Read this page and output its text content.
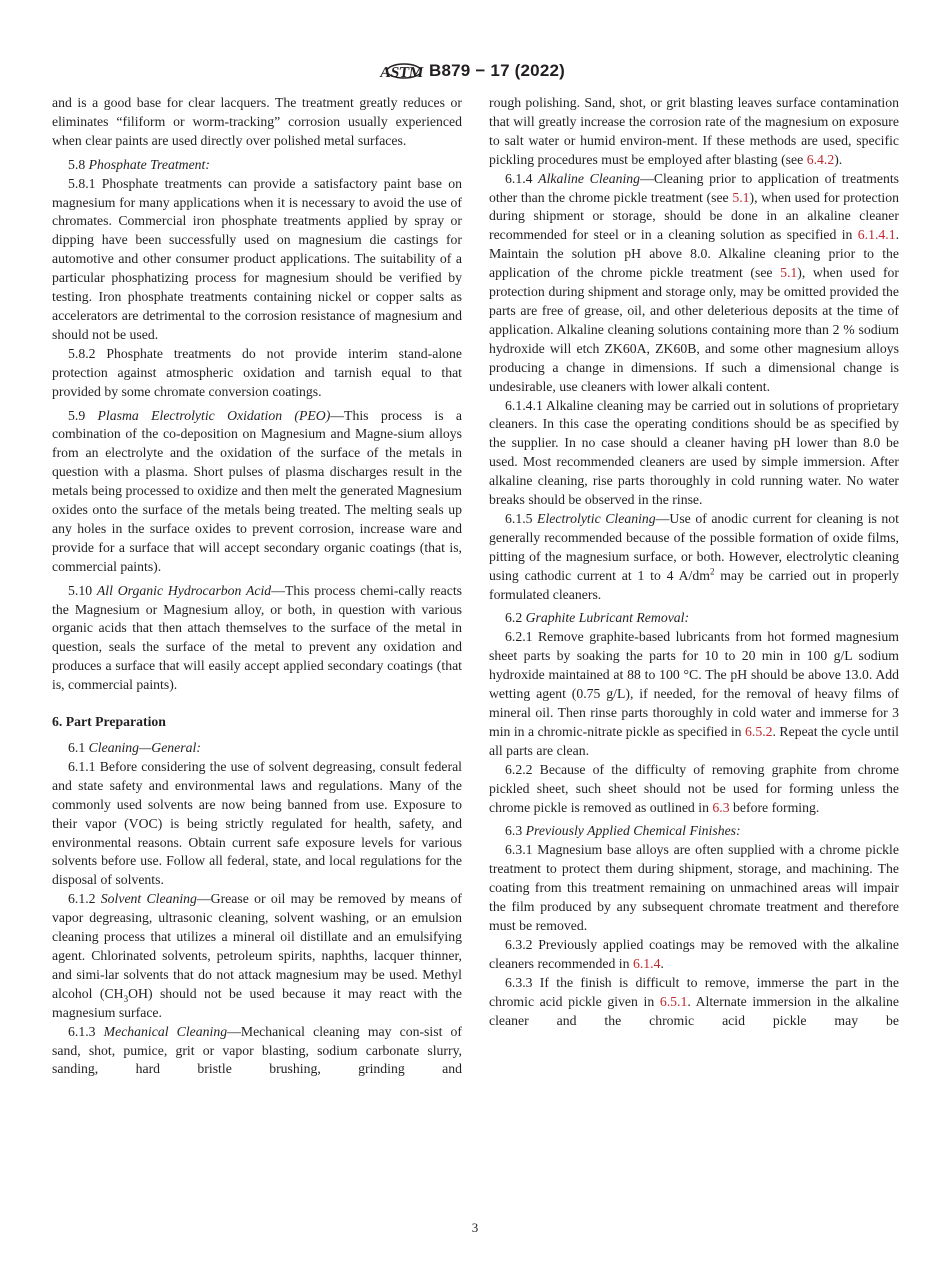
ASTM B879 − 17 (2022)

and is a good base for clear lacquers. The treatment greatly reduces or eliminates “filiform or worm-tracking” corrosion usually experienced when clear paints are used directly over polished metal surfaces.

5.8 Phosphate Treatment:

5.8.1 Phosphate treatments can provide a satisfactory paint base on magnesium for many applications when it is necessary to avoid the use of chromates. Commercial iron phosphate treatments applied by spray or dipping have been successfully used on magnesium die castings for automotive and other consumer product applications. The suitability of a particular phosphatizing process for magnesium should be verified by testing. Iron phosphate treatments containing nickel or copper salts as accelerators are detrimental to the corrosion resistance of magnesium and should not be used.

5.8.2 Phosphate treatments do not provide interim stand-alone protection against atmospheric oxidation and tarnish equal to that provided by some chromate conversion coatings.

5.9 Plasma Electrolytic Oxidation (PEO)—This process is a combination of the co-deposition on Magnesium and Magne-sium alloys from an electrolyte and the oxidation of the surface of the metals in question with a plasma. Short pulses of plasma discharges result in the metals being processed to oxidize and then melt the generated Magnesium oxides onto the surface of the metals being treated. The melting seals up any holes in the surface oxides to prevent corrosion, increase ware and provide for a surface that will accept secondary organic coatings (that is, commercial paints).

5.10 All Organic Hydrocarbon Acid—This process chemi-cally reacts the Magnesium or Magnesium alloy, or both, in question with various organic acids that then attach themselves to the surface of the metal in question, seals the surface of the metal to prevent any oxidation and produces a surface that will easily accept applied secondary coatings (that is, commercial paints).

6. Part Preparation

6.1 Cleaning—General:

6.1.1 Before considering the use of solvent degreasing, consult federal and state safety and environmental laws and regulations. Many of the commonly used solvents are now being banned from use. Exposure to their vapor (VOC) is being strictly regulated for health, safety, and environmental reasons. Obtain current safe exposure levels for various solvents before use. Follow all federal, state, and local regulations for the disposal of solvents.

6.1.2 Solvent Cleaning—Grease or oil may be removed by means of vapor degreasing, ultrasonic cleaning, solvent washing, or an emulsion cleaning process that utilizes a mineral oil distillate and an emulsifying agent. Chlorinated solvents, petroleum spirits, naphths, lacquer thinner, and simi-lar solvents that do not attack magnesium may be used. Methyl alcohol $(CH_3OH)$ should not be used because it may react with the magnesium surface.

6.1.3 Mechanical Cleaning—Mechanical cleaning may con-sist of sand, shot, pumice, grit or vapor blasting, sodium carbonate slurry, sanding, hard bristle brushing, grinding and

rough polishing. Sand, shot, or grit blasting leaves surface contamination that will greatly increase the corrosion rate of the magnesium on exposure to salt water or humid environ-ment. If these methods are used, specific pickling procedures must be employed after blasting (see 6.4.2).

6.1.4 Alkaline Cleaning—Cleaning prior to application of treatments other than the chrome pickle treatment (see 5.1), when used for protection during shipment or storage, should be done in an alkaline cleaner recommended for steel or in a cleaning solution as specified in 6.1.4.1. Maintain the solution pH above 8.0. Alkaline cleaning prior to the application of the chrome pickle treatment (see 5.1), when used for protection during shipment and storage only, may be omitted provided the parts are free of grease, oil, and other deleterious deposits at the time of application. Alkaline cleaning solutions containing more than 2 % sodium hydroxide will etch ZK60A, ZK60B, and some other magnesium alloys producing a change in dimensions. If such a dimensional change is undesirable, use cleaners with lower alkali content.

6.1.4.1 Alkaline cleaning may be carried out in solutions of proprietary cleaners. In this case the operating conditions should be as specified by the supplier. In no case should a cleaner having pH lower than 8.0 be used. Most recommended cleaners are used by simple immersion. After alkaline cleaning, rise parts thoroughly in cold running water. No water breaks should be observed in the rinse.

6.1.5 Electrolytic Cleaning—Use of anodic current for cleaning is not generally recommended because of the possible formation of oxide films, pitting of the magnesium surface, or both. However, electrolytic cleaning using cathodic current at 1 to 4 $A/dm^2$ may be carried out in properly formulated cleaners.

6.2 Graphite Lubricant Removal:

6.2.1 Remove graphite-based lubricants from hot formed magnesium sheet parts by soaking the parts for 10 to 20 min in 100 g/L sodium hydroxide maintained at 88 to 100 °C. The pH should be above 13.0. Add wetting agent (0.75 g/L), if needed, for the removal of heavy films of mineral oil. Then rinse parts thoroughly in cold water and immerse for 3 min in a chromic-nitrate pickle as specified in 6.5.2. Repeat the cycle until all parts are clean.

6.2.2 Because of the difficulty of removing graphite from chrome pickled sheet, such sheet should not be used for forming unless the chrome pickle is removed as outlined in 6.3 before forming.

6.3 Previously Applied Chemical Finishes:

6.3.1 Magnesium base alloys are often supplied with a chrome pickle treatment to protect them during shipment, storage, and machining. The coating from this treatment remaining on unmachined areas will impair the film produced by any subsequent chromate treatment and therefore must be removed.

6.3.2 Previously applied coatings may be removed with the alkaline cleaners recommended in 6.1.4.

6.3.3 If the finish is difficult to remove, immerse the part in the chromic acid pickle given in 6.5.1. Alternate immersion in the alkaline cleaner and the chromic acid pickle may be

3
